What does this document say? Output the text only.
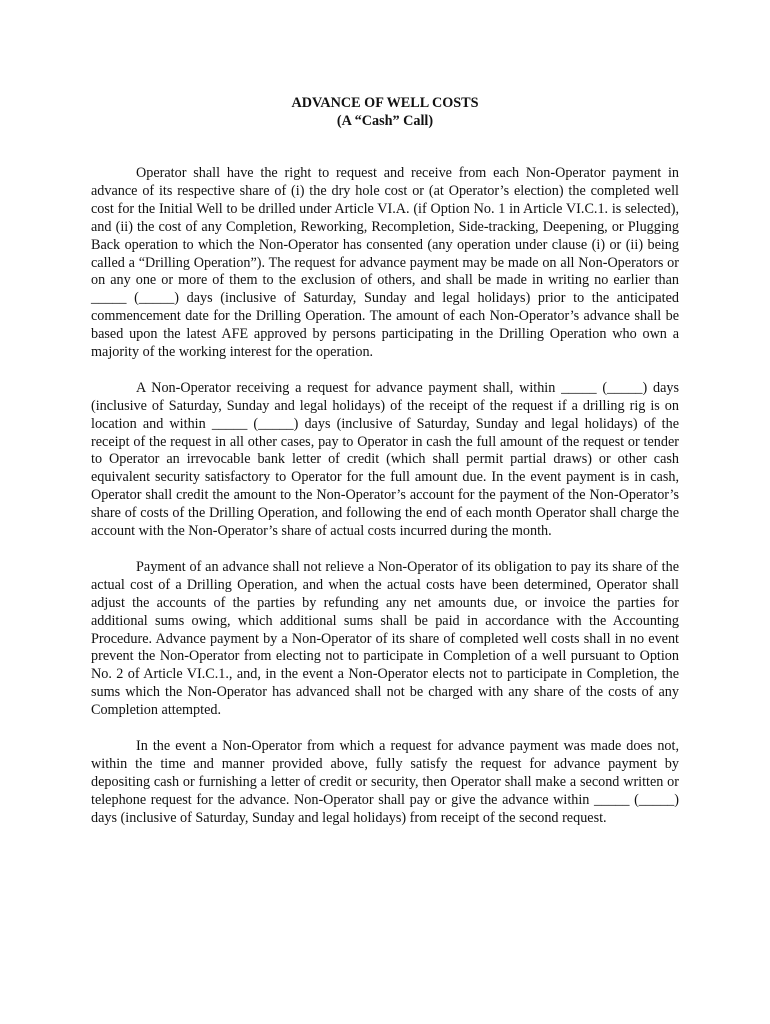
ADVANCE OF WELL COSTS
(A “Cash” Call)

Operator shall have the right to request and receive from each Non-Operator payment in advance of its respective share of (i) the dry hole cost or (at Operator’s election) the completed well cost for the Initial Well to be drilled under Article VI.A. (if Option No. 1 in Article VI.C.1. is selected), and (ii) the cost of any Completion, Reworking, Recompletion, Side-tracking, Deepening, or Plugging Back operation to which the Non-Operator has consented (any operation under clause (i) or (ii) being called a “Drilling Operation”). The request for advance payment may be made on all Non-Operators or on any one or more of them to the exclusion of others, and shall be made in writing no earlier than _____ (_____) days (inclusive of Saturday, Sunday and legal holidays) prior to the anticipated commencement date for the Drilling Operation. The amount of each Non-Operator’s advance shall be based upon the latest AFE approved by persons participating in the Drilling Operation who own a majority of the working interest for the operation.

A Non-Operator receiving a request for advance payment shall, within _____ (_____) days (inclusive of Saturday, Sunday and legal holidays) of the receipt of the request if a drilling rig is on location and within _____ (_____) days (inclusive of Saturday, Sunday and legal holidays) of the receipt of the request in all other cases, pay to Operator in cash the full amount of the request or tender to Operator an irrevocable bank letter of credit (which shall permit partial draws) or other cash equivalent security satisfactory to Operator for the full amount due. In the event payment is in cash, Operator shall credit the amount to the Non-Operator’s account for the payment of the Non-Operator’s share of costs of the Drilling Operation, and following the end of each month Operator shall charge the account with the Non-Operator’s share of actual costs incurred during the month.

Payment of an advance shall not relieve a Non-Operator of its obligation to pay its share of the actual cost of a Drilling Operation, and when the actual costs have been determined, Operator shall adjust the accounts of the parties by refunding any net amounts due, or invoice the parties for additional sums owing, which additional sums shall be paid in accordance with the Accounting Procedure. Advance payment by a Non-Operator of its share of completed well costs shall in no event prevent the Non-Operator from electing not to participate in Completion of a well pursuant to Option No. 2 of Article VI.C.1., and, in the event a Non-Operator elects not to participate in Completion, the sums which the Non-Operator has advanced shall not be charged with any share of the costs of any Completion attempted.

In the event a Non-Operator from which a request for advance payment was made does not, within the time and manner provided above, fully satisfy the request for advance payment by depositing cash or furnishing a letter of credit or security, then Operator shall make a second written or telephone request for the advance. Non-Operator shall pay or give the advance within _____ (_____) days (inclusive of Saturday, Sunday and legal holidays) from receipt of the second request.
